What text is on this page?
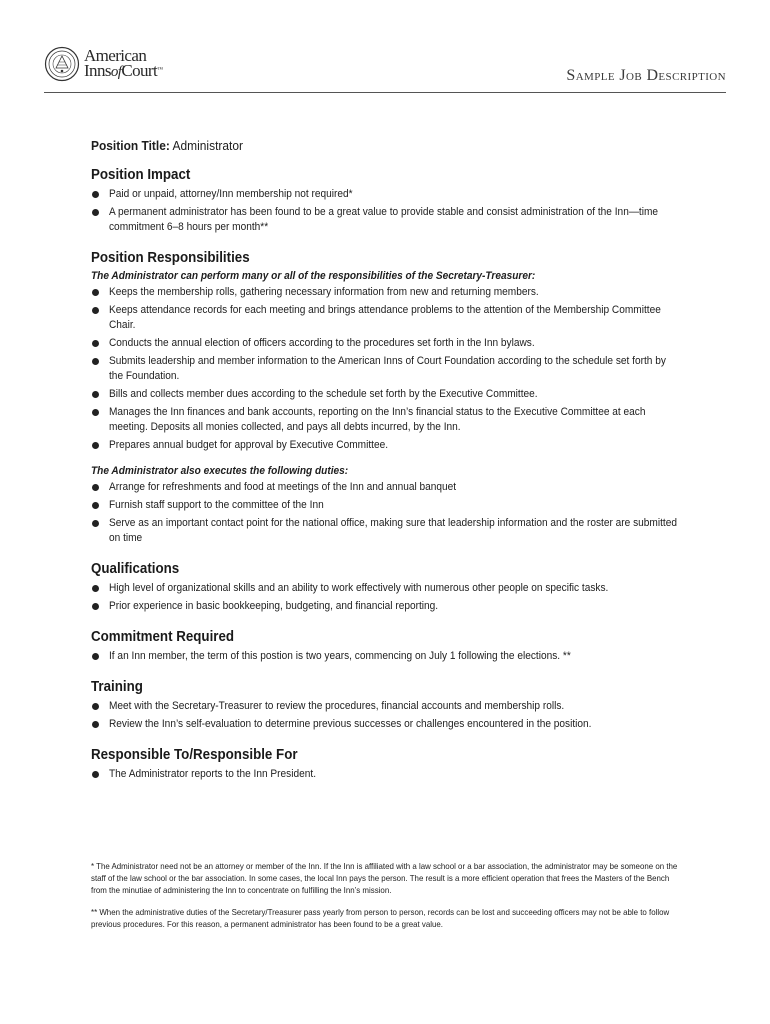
American
InnsofCourt™	Sample Job Description
Position Title: Administrator
Position Impact
Paid or unpaid, attorney/Inn membership not required*
A permanent administrator has been found to be a great value to provide stable and consist administration of the Inn—time commitment 6–8 hours per month**
Position Responsibilities
The Administrator can perform many or all of the responsibilities of the Secretary-Treasurer:
Keeps the membership rolls, gathering necessary information from new and returning members.
Keeps attendance records for each meeting and brings attendance problems to the attention of the Membership Committee Chair.
Conducts the annual election of officers according to the procedures set forth in the Inn bylaws.
Submits leadership and member information to the American Inns of Court Foundation according to the schedule set forth by the Foundation.
Bills and collects member dues according to the schedule set forth by the Executive Committee.
Manages the Inn finances and bank accounts, reporting on the Inn’s financial status to the Executive Committee at each meeting. Deposits all monies collected, and pays all debts incurred, by the Inn.
Prepares annual budget for approval by Executive Committee.
The Administrator also executes the following duties:
Arrange for refreshments and food at meetings of the Inn and annual banquet
Furnish staff support to the committee of the Inn
Serve as an important contact point for the national office, making sure that leadership information and the roster are submitted on time
Qualifications
High level of organizational skills and an ability to work effectively with numerous other people on specific tasks.
Prior experience in basic bookkeeping, budgeting, and financial reporting.
Commitment Required
If an Inn member, the term of this postion is two years, commencing on July 1 following the elections. **
Training
Meet with the Secretary-Treasurer to review the procedures, financial accounts and membership rolls.
Review the Inn’s self-evaluation to determine previous successes or challenges encountered in the position.
Responsible To/Responsible For
The Administrator reports to the Inn President.

* The Administrator need not be an attorney or member of the Inn. If the Inn is affiliated with a law school or a bar association, the administrator may be someone on the staff of the law school or the bar association. In some cases, the local Inn pays the person. The result is a more efficient operation that frees the Masters of the Bench from the minutiae of administering the Inn to concentrate on fulfilling the Inn’s mission.

** When the administrative duties of the Secretary/Treasurer pass yearly from person to person, records can be lost and succeeding officers may not be able to follow previous procedures. For this reason, a permanent administrator has been found to be a great value.
